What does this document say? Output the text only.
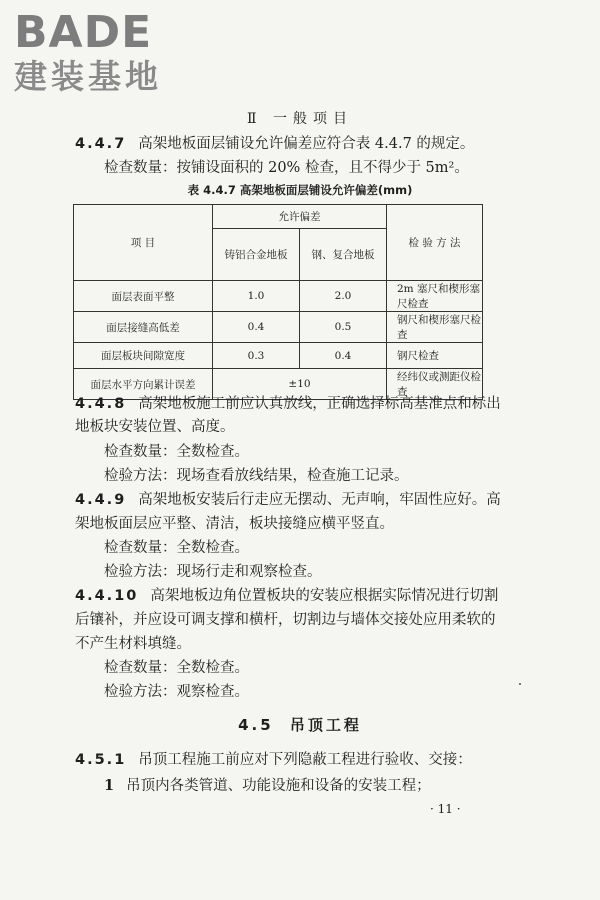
BADE
建装基地
Ⅱ 一般项目
4.4.7 高架地板面层铺设允许偏差应符合表 4.4.7 的规定。
检查数量：按铺设面积的 20% 检查，且不得少于 5m²。
表 4.4.7 高架地板面层铺设允许偏差(mm)
项 目	允许偏差		检 验 方 法
	铸铝合金地板	钢、复合地板	
面层表面平整	1.0	2.0	2m 塞尺和楔形塞尺检查
面层接缝高低差	0.4	0.5	钢尺和楔形塞尺检查
面层板块间隙宽度	0.3	0.4	钢尺检查
面层水平方向累计误差	±10		经纬仪或测距仪检查
4.4.8 高架地板施工前应认真放线，正确选择标高基准点和标出
地板块安装位置、高度。
检查数量：全数检查。
检验方法：现场查看放线结果，检查施工记录。
4.4.9 高架地板安装后行走应无摆动、无声响，牢固性应好。高
架地板面层应平整、清洁，板块接缝应横平竖直。
检查数量：全数检查。
检验方法：现场行走和观察检查。
4.4.10 高架地板边角位置板块的安装应根据实际情况进行切割
后镶补，并应设可调支撑和横杆，切割边与墙体交接处应用柔软的
不产生材料填缝。
检查数量：全数检查。
检验方法：观察检查。
4.5 吊顶工程
4.5.1 吊顶工程施工前应对下列隐蔽工程进行验收、交接：
1 吊顶内各类管道、功能设施和设备的安装工程；
· 11 ·
